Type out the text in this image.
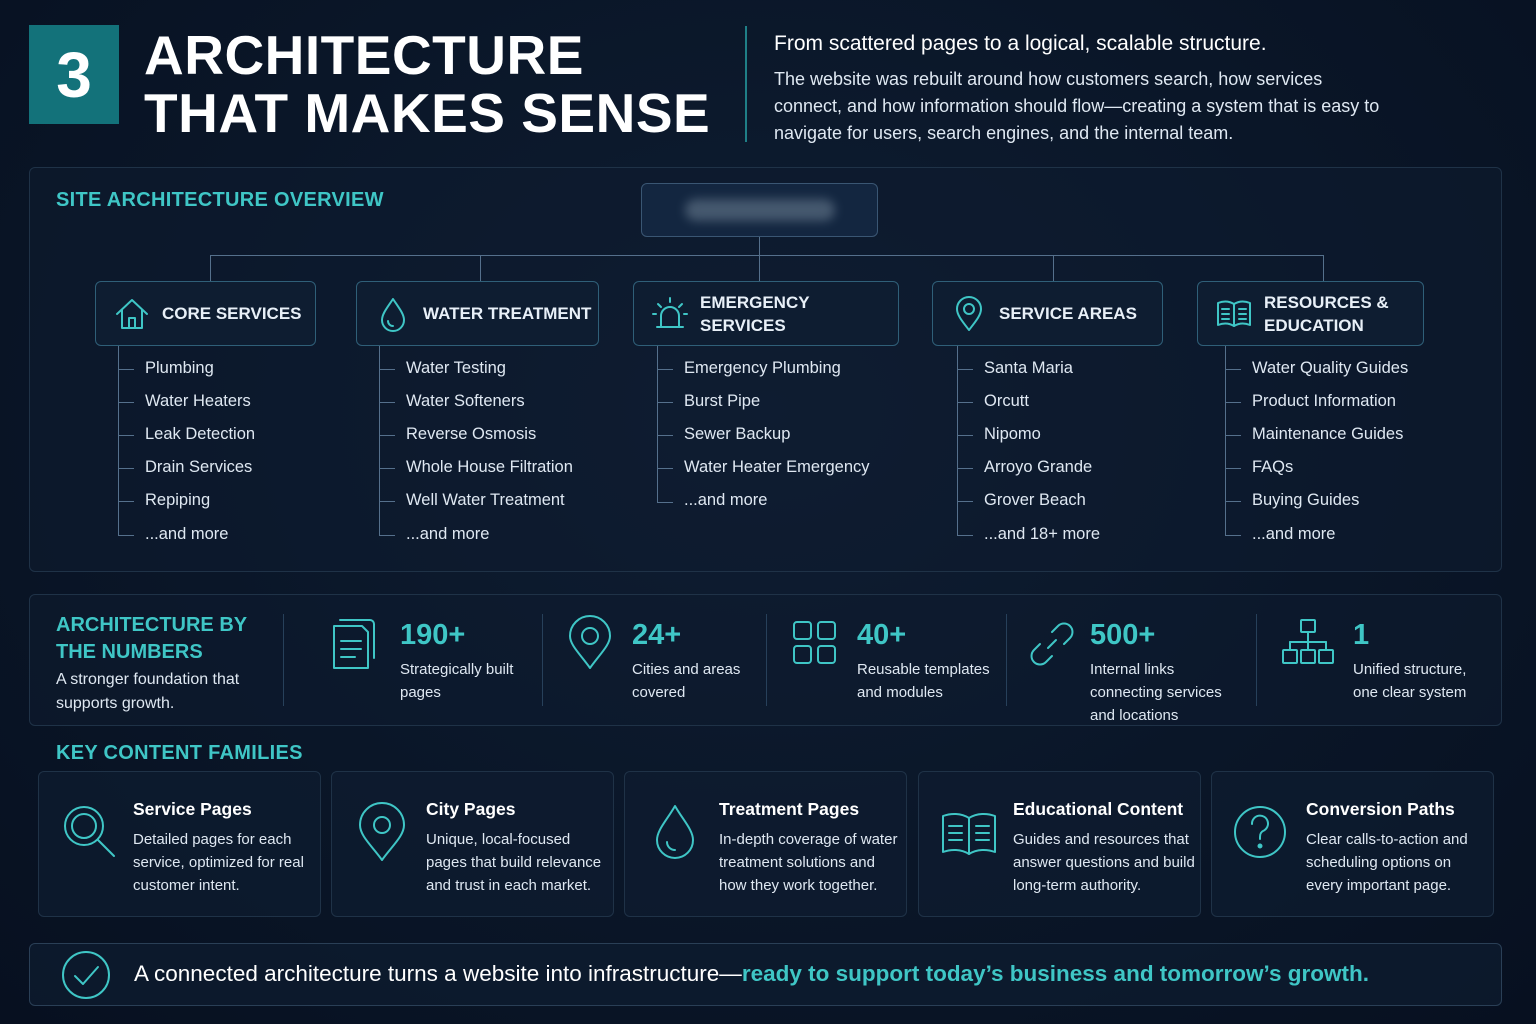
3 ARCHITECTURE THAT MAKES SENSE
From scattered pages to a logical, scalable structure.
The website was rebuilt around how customers search, how services connect, and how information should flow—creating a system that is easy to navigate for users, search engines, and the internal team.
SITE ARCHITECTURE OVERVIEW
CORE SERVICES	WATER TREATMENT
EMERGENCY SERVICES
SERVICE AREAS
RESOURCES & EDUCATION
Plumbing
Water Heaters
Leak Detection
Drain Services
Repiping
...and more
Water Testing
Water Softeners
Reverse Osmosis
Whole House Filtration
Well Water Treatment
...and more
Emergency Plumbing
Burst Pipe
Sewer Backup
Water Heater Emergency
...and more
Santa Maria
Orcutt
Nipomo
Arroyo Grande
Grover Beach
...and 18+ more
Water Quality Guides
Product Information
Maintenance Guides
FAQs
Buying Guides
...and more
ARCHITECTURE BY THE NUMBERS
A stronger foundation that supports growth.
190+
Strategically built pages
24+
Cities and areas covered
40+
Reusable templates and modules
500+
Internal links connecting services and locations
1
Unified structure, one clear system
KEY CONTENT FAMILIES
Service Pages
Detailed pages for each service, optimized for real customer intent.
City Pages
Unique, local-focused pages that build relevance and trust in each market.
Treatment Pages
In-depth coverage of water treatment solutions and how they work together.
Educational Content
Guides and resources that answer questions and build long-term authority.
Conversion Paths
Clear calls-to-action and scheduling options on every important page.
A connected architecture turns a website into infrastructure—ready to support today’s business and tomorrow’s growth.
